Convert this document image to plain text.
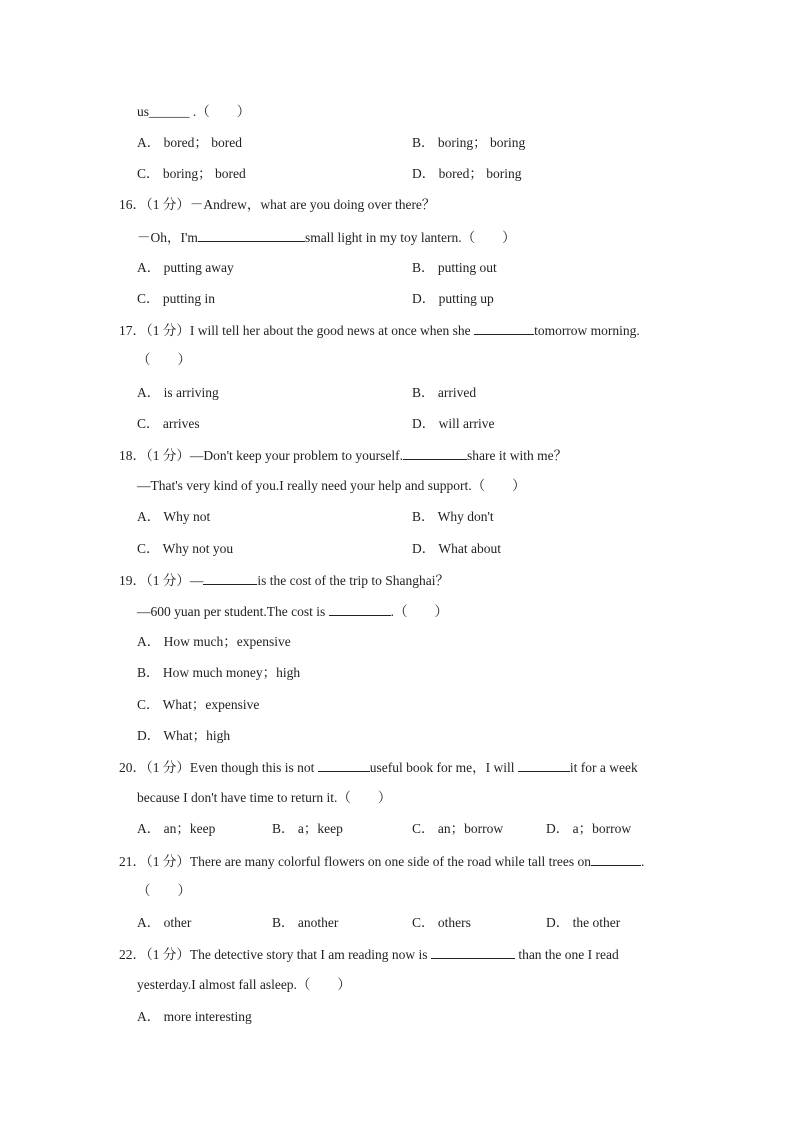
us______ .（　　）
A． bored； bored	B． boring； boring
C． boring； bored	D． bored； boring
16．（1 分）－Andrew，what are you doing over there？
－Oh，I'm	small light in my toy lantern.（　　）
A． putting away	B． putting out
C． putting in	D． putting up
17．（1 分）I will tell her about the good news at once when she	tomorrow morning.
（　　）
A． is arriving	B． arrived
C． arrives	D． will arrive
18．（1 分）—Don't keep your problem to yourself.	share it with me？
—That's very kind of you.I really need your help and support.（　　）
A． Why not	B． Why don't
C． Why not you	D． What about
19．（1 分）—	is the cost of the trip to Shanghai？
—600 yuan per student.The cost is	.（　　）
A． How much；expensive
B． How much money；high
C． What；expensive
D． What；high
20．（1 分）Even though this is not	useful book for me，I will	it for a week
because I don't have time to return it.（　　）
A． an；keep	B． a；keep	C． an；borrow	D． a；borrow
21．（1 分）There are many colorful flowers on one side of the road while tall trees on	.
（　　）
A． other	B． another	C． others	D． the other
22．（1 分）The detective story that I am reading now is	than the one I read
yesterday.I almost fall asleep.（　　）
A． more interesting
